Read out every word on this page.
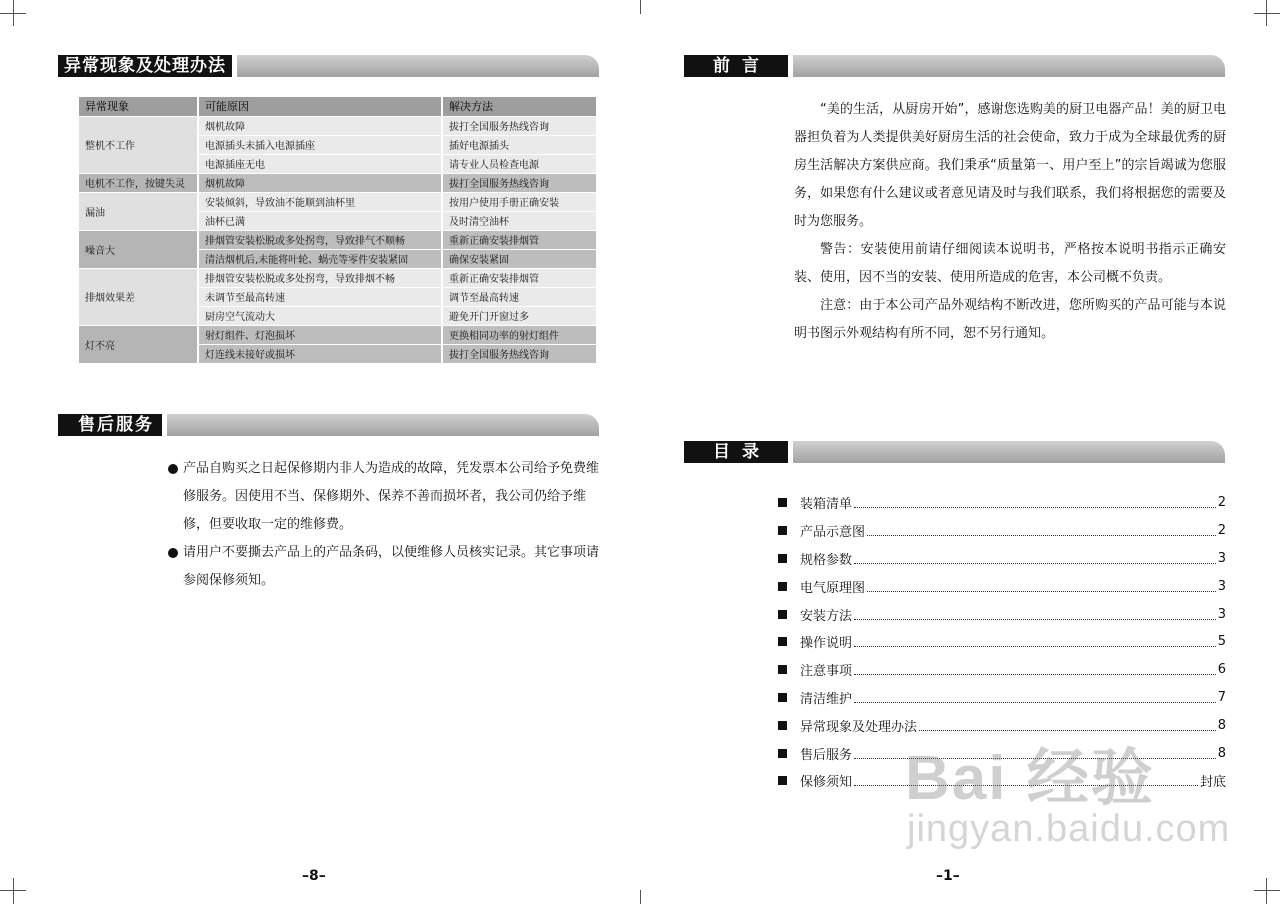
异常现象及处理办法
异常现象	可能原因	解决方法
整机不工作	烟机故障	拔打全国服务热线咨询
	电源插头未插入电源插座	插好电源插头
	电源插座无电	请专业人员检查电源
电机不工作，按键失灵	烟机故障	拔打全国服务热线咨询
漏油	安装倾斜，导致油不能顺到油杯里	按用户使用手册正确安装
	油杯已满	及时清空油杯
噪音大	排烟管安装松脱或多处拐弯，导致排气不顺畅	重新正确安装排烟管
	清洁烟机后,未能将叶轮、蜗壳等零件安装紧固	确保安装紧固
排烟效果差	排烟管安装松脱或多处拐弯，导致排烟不畅	重新正确安装排烟管
	未调节至最高转速	调节至最高转速
	厨房空气流动大	避免开门开窗过多
灯不亮	射灯组件、灯泡损坏	更换相同功率的射灯组件
	灯连线未接好或损坏	拔打全国服务热线咨询
售后服务
产品自购买之日起保修期内非人为造成的故障，凭发票本公司给予免费维修服务。因使用不当、保修期外、保养不善而损坏者，我公司仍给予维修，但要收取一定的维修费。
请用户不要撕去产品上的产品条码，以便维修人员核实记录。其它事项请参阅保修须知。
–8–
前言

“美的生活，从厨房开始”，感谢您选购美的厨卫电器产品！美的厨卫电器担负着为人类提供美好厨房生活的社会使命，致力于成为全球最优秀的厨房生活解决方案供应商。我们秉承“质量第一、用户至上”的宗旨竭诚为您服务，如果您有什么建议或者意见请及时与我们联系，我们将根据您的需要及时为您服务。

警告：安装使用前请仔细阅读本说明书，严格按本说明书指示正确安装、使用，因不当的安装、使用所造成的危害，本公司概不负责。

注意：由于本公司产品外观结构不断改进，您所购买的产品可能与本说明书图示外观结构有所不同，恕不另行通知。

目录
装箱清单	2
产品示意图	2
规格参数	3
电气原理图	3
安装方法	3
操作说明	5
注意事项	6
清洁维护	7
异常现象及处理办法	8
售后服务	8
保修须知	封底
Bai 经验
jingyan.baidu.com
–1–
